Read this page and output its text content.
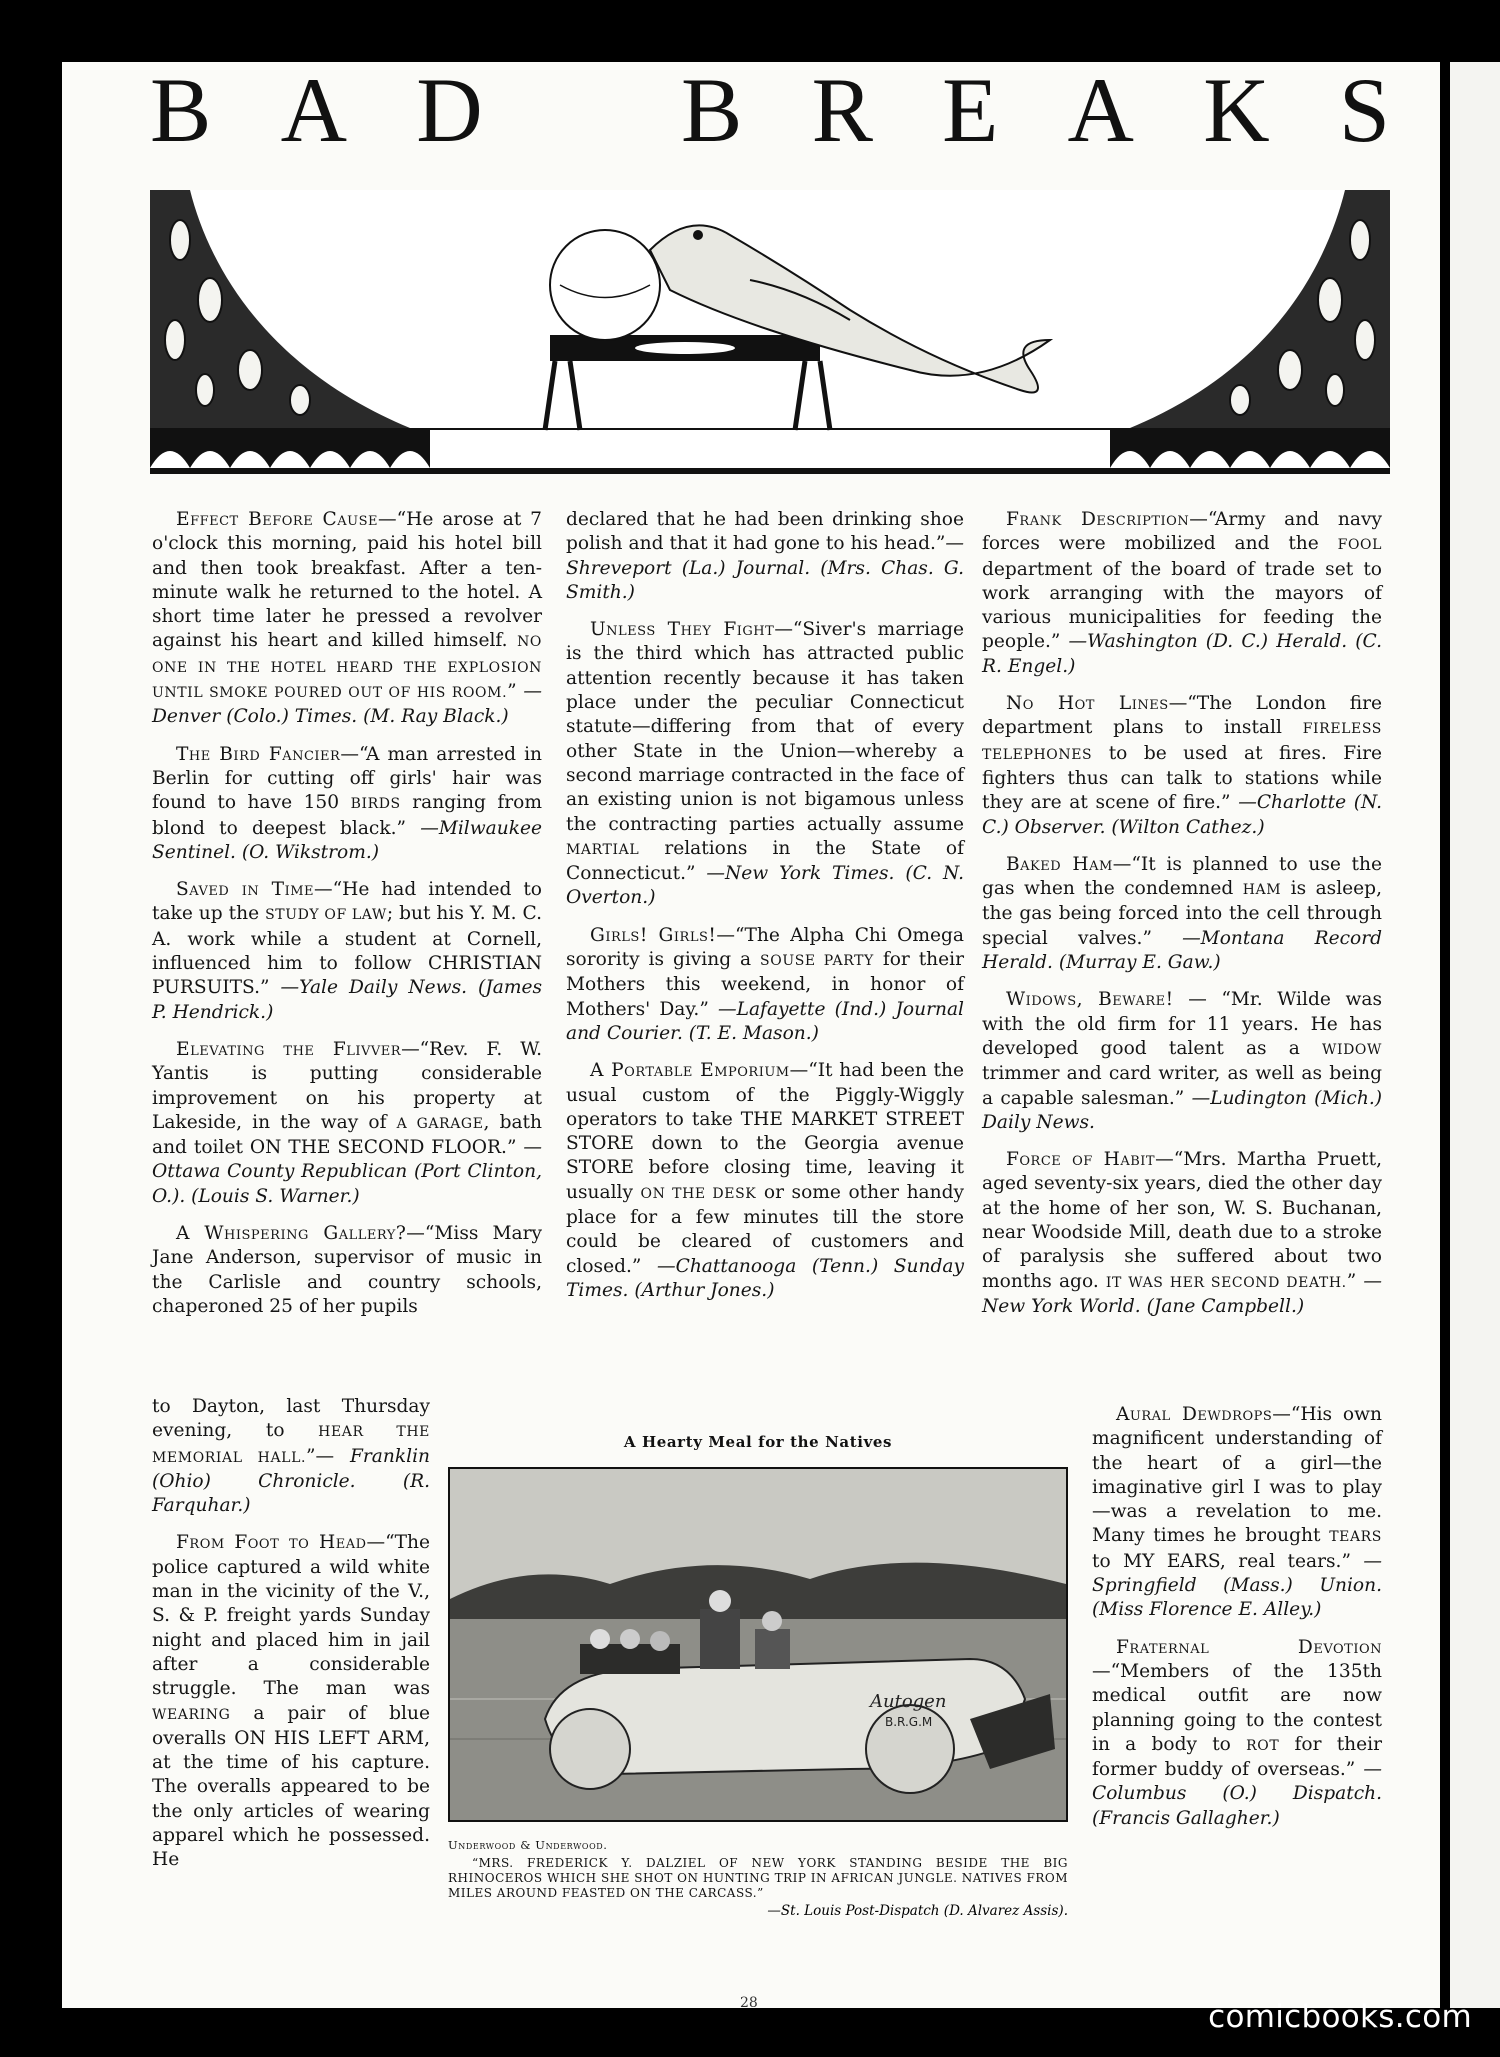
B A D B R E A K S

Effect Before Cause—“He arose at 7 o'clock this morning, paid his hotel bill and then took breakfast. After a ten-minute walk he returned to the hotel. A short time later he pressed a revolver against his heart and killed himself. NO ONE IN THE HOTEL HEARD THE EXPLOSION UNTIL SMOKE POURED OUT OF HIS ROOM.” —Denver (Colo.) Times. (M. Ray Black.)

The Bird Fancier—“A man arrested in Berlin for cutting off girls' hair was found to have 150 BIRDS ranging from blond to deepest black.” —Milwaukee Sentinel. (O. Wikstrom.)

Saved in Time—“He had intended to take up the STUDY OF LAW; but his Y. M. C. A. work while a student at Cornell, influenced him to follow CHRISTIAN PURSUITS.” —Yale Daily News. (James P. Hendrick.)

Elevating the Flivver—“Rev. F. W. Yantis is putting considerable improvement on his property at Lakeside, in the way of A GARAGE, bath and toilet ON THE SECOND FLOOR.” —Ottawa County Republican (Port Clinton, O.). (Louis S. Warner.)

A Whispering Gallery?—“Miss Mary Jane Anderson, supervisor of music in the Carlisle and country schools, chaperoned 25 of her pupils

to Dayton, last Thursday evening, to HEAR THE MEMORIAL HALL.”— Franklin (Ohio) Chronicle. (R. Farquhar.)

From Foot to Head—“The police captured a wild white man in the vicinity of the V., S. & P. freight yards Sunday night and placed him in jail after a considerable struggle. The man was WEARING a pair of blue overalls ON HIS LEFT ARM, at the time of his capture. The overalls appeared to be the only articles of wearing apparel which he possessed. He

declared that he had been drinking shoe polish and that it had gone to his head.”—Shreveport (La.) Journal. (Mrs. Chas. G. Smith.)

Unless They Fight—“Siver's marriage is the third which has attracted public attention recently because it has taken place under the peculiar Connecticut statute—differing from that of every other State in the Union—whereby a second marriage contracted in the face of an existing union is not bigamous unless the contracting parties actually assume MARTIAL relations in the State of Connecticut.” —New York Times. (C. N. Overton.)

Girls! Girls!—“The Alpha Chi Omega sorority is giving a SOUSE PARTY for their Mothers this weekend, in honor of Mothers' Day.” —Lafayette (Ind.) Journal and Courier. (T. E. Mason.)

A Portable Emporium—“It had been the usual custom of the Piggly-Wiggly operators to take THE MARKET STREET STORE down to the Georgia avenue STORE before closing time, leaving it usually ON THE DESK or some other handy place for a few minutes till the store could be cleared of customers and closed.” —Chattanooga (Tenn.) Sunday Times. (Arthur Jones.)

Frank Description—“Army and navy forces were mobilized and the FOOL department of the board of trade set to work arranging with the mayors of various municipalities for feeding the people.” —Washington (D. C.) Herald. (C. R. Engel.)

No Hot Lines—“The London fire department plans to install FIRELESS TELEPHONES to be used at fires. Fire fighters thus can talk to stations while they are at scene of fire.” —Charlotte (N. C.) Observer. (Wilton Cathez.)

Baked Ham—“It is planned to use the gas when the condemned HAM is asleep, the gas being forced into the cell through special valves.” —Montana Record Herald. (Murray E. Gaw.)

Widows, Beware! — “Mr. Wilde was with the old firm for 11 years. He has developed good talent as a WIDOW trimmer and card writer, as well as being a capable salesman.” —Ludington (Mich.) Daily News.

Force of Habit—“Mrs. Martha Pruett, aged seventy-six years, died the other day at the home of her son, W. S. Buchanan, near Woodside Mill, death due to a stroke of paralysis she suffered about two months ago. IT WAS HER SECOND DEATH.” —New York World. (Jane Campbell.)

Aural Dewdrops—“His own magnificent understanding of the heart of a girl—the imaginative girl I was to play—was a revelation to me. Many times he brought TEARS to MY EARS, real tears.” —Springfield (Mass.) Union. (Miss Florence E. Alley.)

Fraternal Devotion—“Members of the 135th medical outfit are now planning going to the contest in a body to ROT for their former buddy of overseas.” — Columbus (O.) Dispatch. (Francis Gallagher.)

A Hearty Meal for the Natives
Autogen
B.R.G.M
Underwood & Underwood.
“MRS. FREDERICK Y. DALZIEL OF NEW YORK STANDING BESIDE THE BIG RHINOCEROS WHICH SHE SHOT ON HUNTING TRIP IN AFRICAN JUNGLE. NATIVES FROM MILES AROUND FEASTED ON THE CARCASS.”
—St. Louis Post-Dispatch (D. Alvarez Assis).
28	comicbooks.com
